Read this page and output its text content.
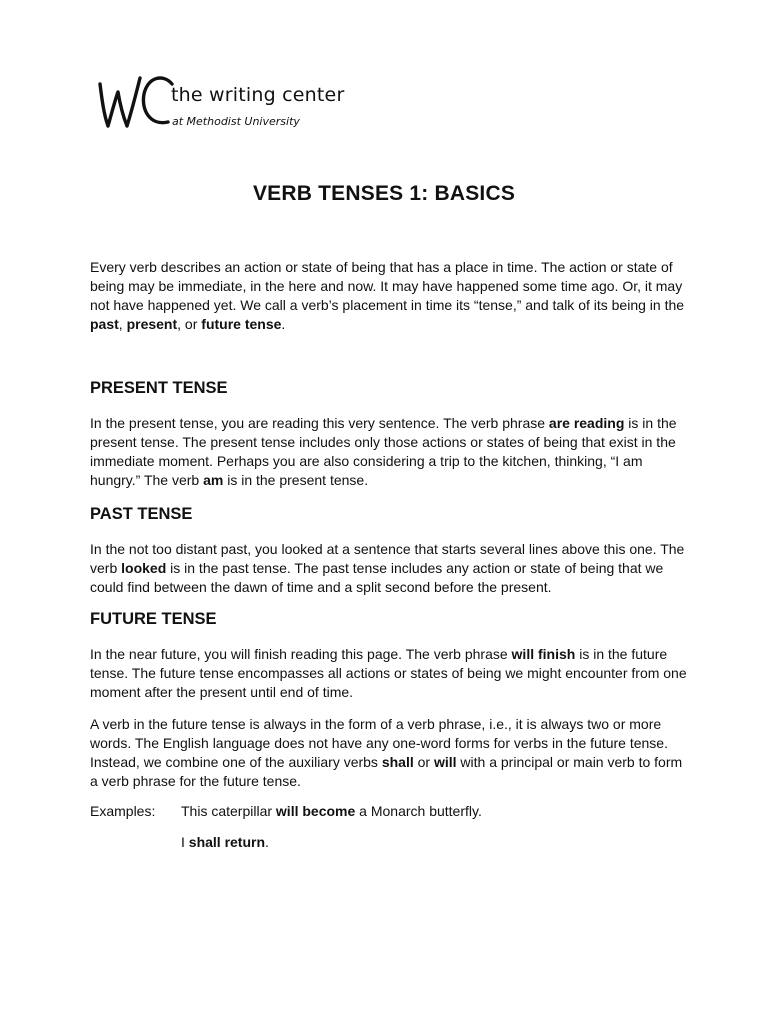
the writing center
at Methodist University
VERB TENSES 1: BASICS

Every verb describes an action or state of being that has a place in time. The action or state of being may be immediate, in the here and now. It may have happened some time ago. Or, it may not have happened yet. We call a verb’s placement in time its “tense,” and talk of its being in the past, present, or future tense.

PRESENT TENSE

In the present tense, you are reading this very sentence. The verb phrase are reading is in the present tense. The present tense includes only those actions or states of being that exist in the immediate moment. Perhaps you are also considering a trip to the kitchen, thinking, “I am hungry.” The verb am is in the present tense.

PAST TENSE

In the not too distant past, you looked at a sentence that starts several lines above this one. The verb looked is in the past tense. The past tense includes any action or state of being that we could find between the dawn of time and a split second before the present.

FUTURE TENSE

In the near future, you will finish reading this page. The verb phrase will finish is in the future tense. The future tense encompasses all actions or states of being we might encounter from one moment after the present until end of time.

A verb in the future tense is always in the form of a verb phrase, i.e., it is always two or more words. The English language does not have any one-word forms for verbs in the future tense. Instead, we combine one of the auxiliary verbs shall or will with a principal or main verb to form a verb phrase for the future tense.

Examples: This caterpillar will become a Monarch butterfly.
I shall return.
